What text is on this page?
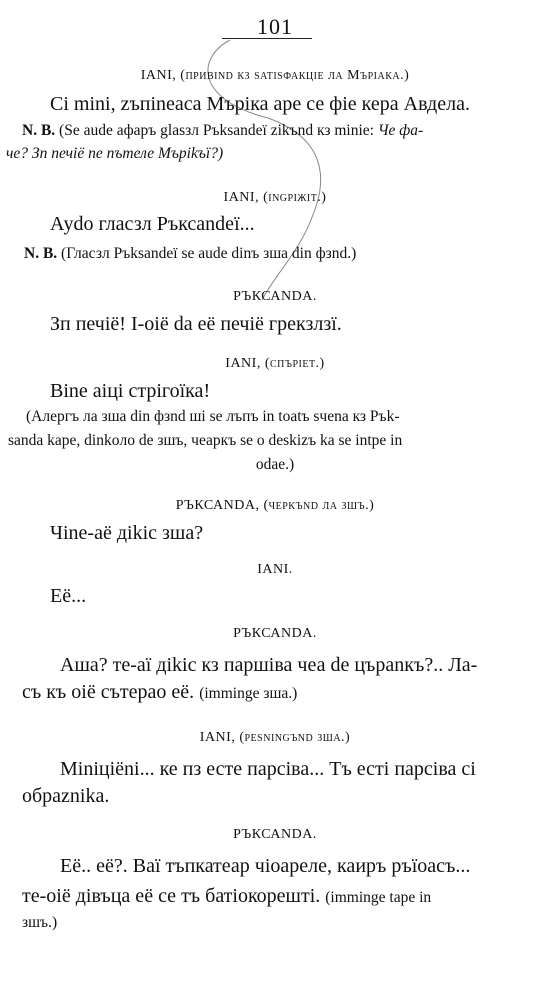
101
IANI, (привind кз satisфакцie ла Мъріака.)
Ci mini, zъпineaca Мъріка аре се фie кера Авдела.
N. B. (Se aude афаръ glasзл Ръksandeї zikъnd кз minie: Че фа-
че? Зп печiё пе пътеле Мъріkъї?)
IANI, (іngрiжit.)
Ауdo гласзл Ръксandeї...
N. B. (Гласзл Ръksandeї se aude dinъ зша din фзnd.)
РЪКСАNDA.
Зп печiё! I-oiё da eё печiё грекзлзї.
IANI, (спъріеt.)
Bine aiцi стрiгоїка!
(Алергъ ла зша din фзnd шi se лъпъ in toatъ sчena кз Ръk-
sanda kape, dinkoлo de зшъ, чеаркъ se о deskizъ ka se intpe in
odae.)
РЪКСАNDA, (черкъnd ла зшъ.)
Чine-aё дikic зша?
IANI.
Eё...
РЪКСАNDA.
Аша? те-aї дikic кз паршiва чеа de цъpanкъ?.. Лa-
съ къ оiё сътерао eё. (imminge зшa.)
IANI, (pesningъnd зшa.)
Miniцiёni... ке пз есте парсiва... Тъ есті парсiва сi
обpaznikа.
РЪКСАNDA.
Eё.. eё?. Вaї тъпкатеар чioареле, каиръ ръїoасъ...
те-oiё дiвъца eё се тъ батiокорешті. (imminge tape in
зшъ.)
